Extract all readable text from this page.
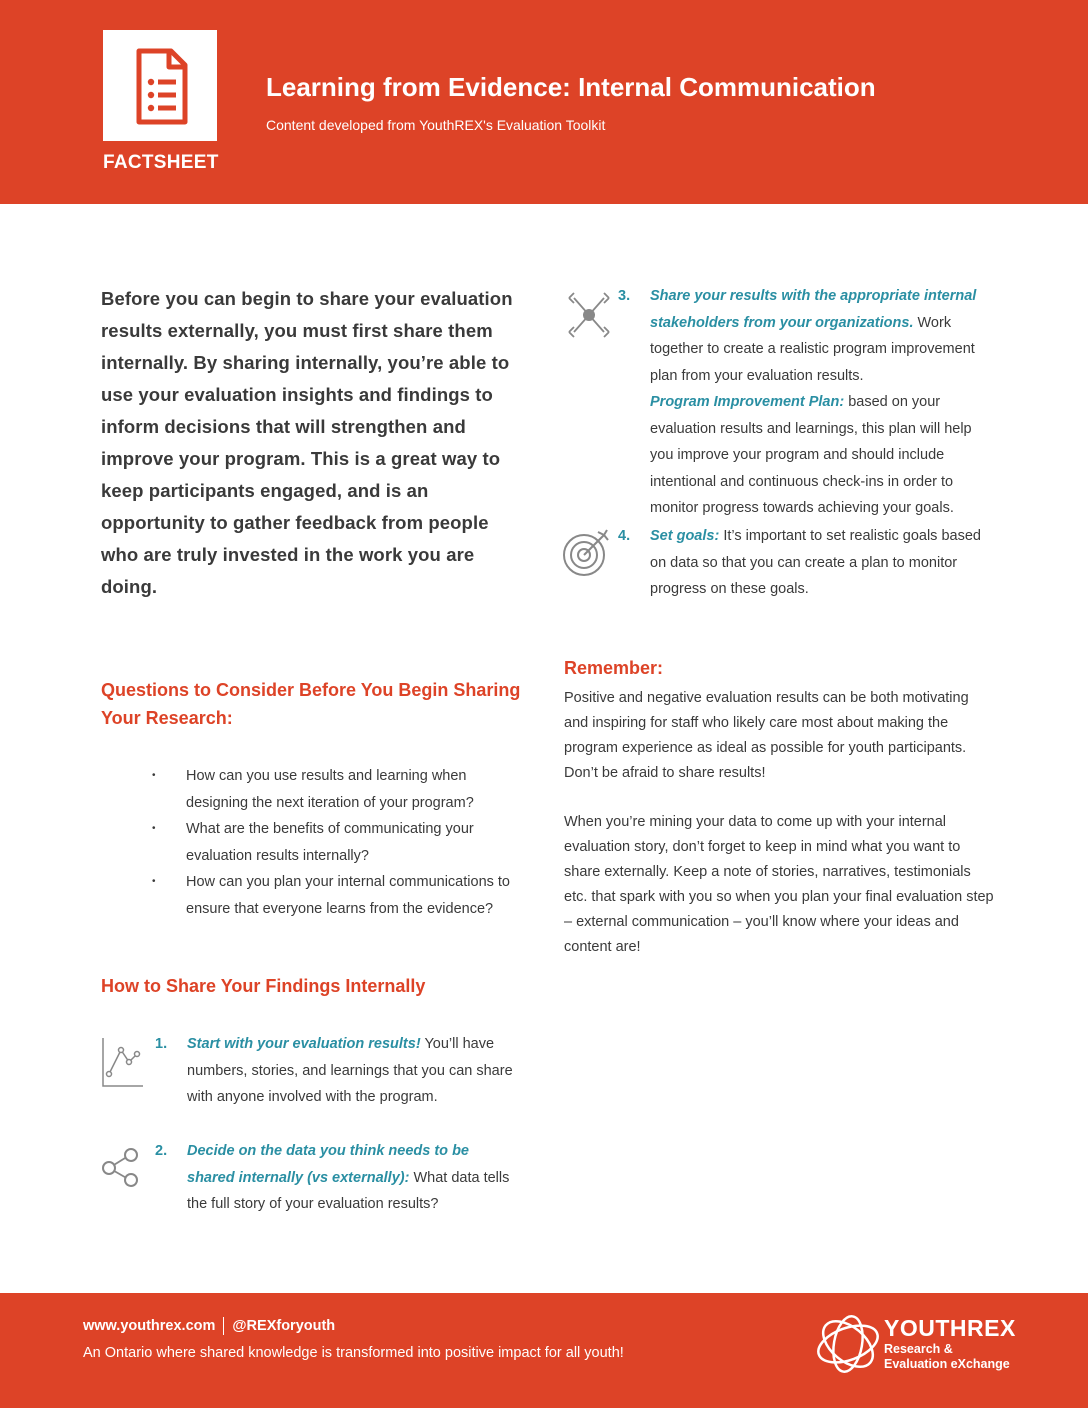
FACTSHEET
Learning from Evidence: Internal Communication
Content developed from YouthREX's Evaluation Toolkit
Before you can begin to share your evaluation results externally, you must first share them internally. By sharing internally, you’re able to use your evaluation insights and findings to inform decisions that will strengthen and improve your program. This is a great way to keep participants engaged, and is an opportunity to gather feedback from people who are truly invested in the work you are doing.
Questions to Consider Before You Begin Sharing Your Research:
• How can you use results and learning when designing the next iteration of your program?
• What are the benefits of communicating your evaluation results internally?
• How can you plan your internal communications to ensure that everyone learns from the evidence?
How to Share Your Findings Internally
1. Start with your evaluation results! You’ll have numbers, stories, and learnings that you can share with anyone involved with the program.
2. Decide on the data you think needs to be shared internally (vs externally): What data tells the full story of your evaluation results?
3. Share your results with the appropriate internal stakeholders from your organizations. Work together to create a realistic program improvement plan from your evaluation results.
Program Improvement Plan: based on your evaluation results and learnings, this plan will help you improve your program and should include intentional and continuous check-ins in order to monitor progress towards achieving your goals.
4. Set goals: It’s important to set realistic goals based on data so that you can create a plan to monitor progress on these goals.
Remember:

Positive and negative evaluation results can be both motivating and inspiring for staff who likely care most about making the program experience as ideal as possible for youth participants. Don’t be afraid to share results!

When you’re mining your data to come up with your internal evaluation story, don’t forget to keep in mind what you want to share externally. Keep a note of stories, narratives, testimonials etc. that spark with you so when you plan your final evaluation step – external communication – you’ll know where your ideas and content are!

www.youthrex.com @REXforyouth
An Ontario where shared knowledge is transformed into positive impact for all youth!
YOUTHREX
Research &
Evaluation eXchange
